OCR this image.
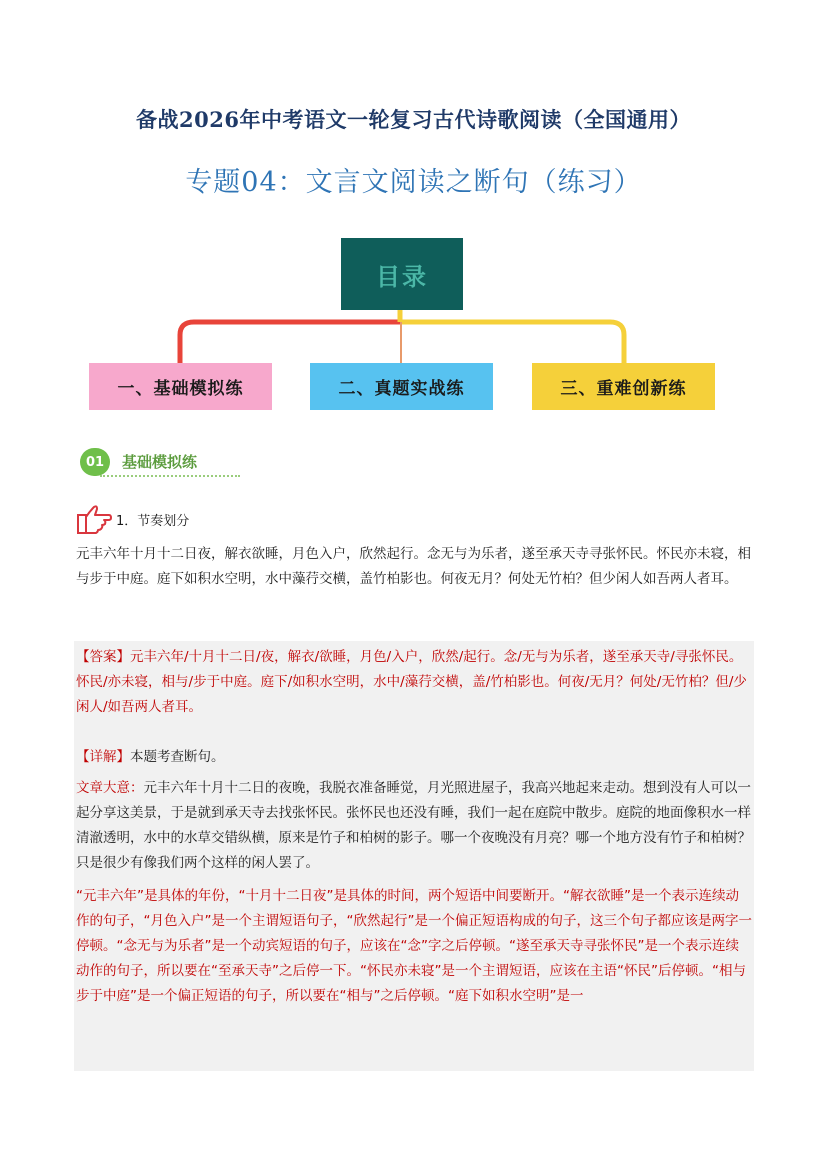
备战2026年中考语文一轮复习古代诗歌阅读（全国通用）
专题04：文言文阅读之断句（练习）
目录
一、基础模拟练	二、真题实战练	三、重难创新练
01	基础模拟练
1．节奏划分
元丰六年十月十二日夜，解衣欲睡，月色入户，欣然起行。念无与为乐者，遂至承天寺寻张怀民。怀民亦未寝，相与步于中庭。庭下如积水空明，水中藻荇交横，盖竹柏影也。何夜无月？何处无竹柏？但少闲人如吾两人者耳。
【答案】元丰六年/十月十二日/夜，解衣/欲睡，月色/入户，欣然/起行。念/无与为乐者，遂至承天寺/寻张怀民。怀民/亦未寝，相与/步于中庭。庭下/如积水空明，水中/藻荇交横，盖/竹柏影也。何夜/无月？何处/无竹柏？但/少闲人/如吾两人者耳。
【详解】本题考查断句。
文章大意：元丰六年十月十二日的夜晚，我脱衣准备睡觉，月光照进屋子，我高兴地起来走动。想到没有人可以一起分享这美景，于是就到承天寺去找张怀民。张怀民也还没有睡，我们一起在庭院中散步。庭院的地面像积水一样清澈透明，水中的水草交错纵横，原来是竹子和柏树的影子。哪一个夜晚没有月亮？哪一个地方没有竹子和柏树？只是很少有像我们两个这样的闲人罢了。
“元丰六年”是具体的年份，“十月十二日夜”是具体的时间，两个短语中间要断开。“解衣欲睡”是一个表示连续动作的句子，“月色入户”是一个主谓短语句子，“欣然起行”是一个偏正短语构成的句子，这三个句子都应该是两字一停顿。“念无与为乐者”是一个动宾短语的句子，应该在“念”字之后停顿。“遂至承天寺寻张怀民”是一个表示连续动作的句子，所以要在“至承天寺”之后停一下。“怀民亦未寝”是一个主谓短语，应该在主语“怀民”后停顿。“相与步于中庭”是一个偏正短语的句子，所以要在“相与”之后停顿。“庭下如积水空明”是一
